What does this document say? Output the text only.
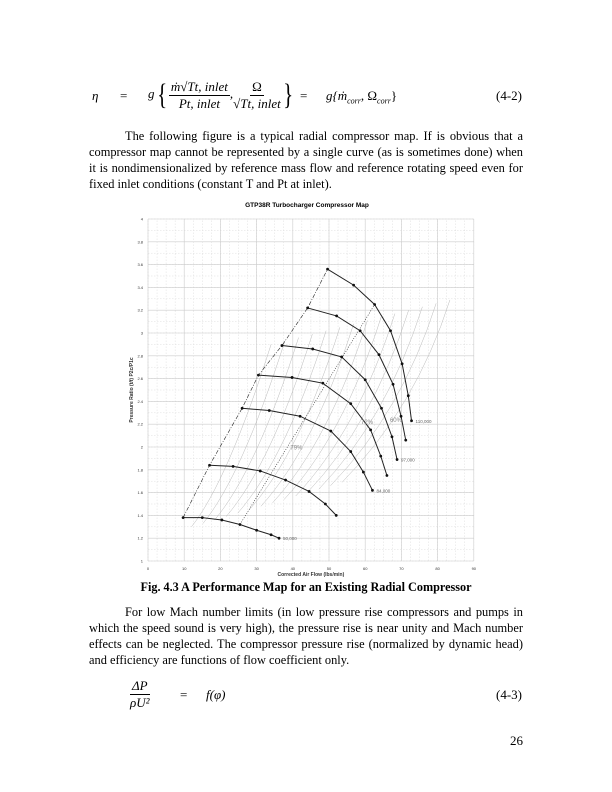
$\eta = g\{ \frac{\text{ṁ√Tt, inlet}}{\text{Pt, inlet}}$ , $\frac{\Omega}{\text{√Tt, inlet}}$ } = g{ṁ$_{corr}$, $\Omega_{corr}$}	(4-2)

The following figure is a typical radial compressor map. If is obvious that a compressor map cannot be represented by a single curve (as is sometimes done) when it is nondimensionalized by reference mass flow and reference rotating speed even for fixed inlet conditions (constant T and Pt at inlet).

0	10	20	30	40	50	60	70	80	90
1
1.2
1.4
1.6
1.8
2
2.2
2.4
2.6
2.8
3
3.2
3.4
3.6
3.8
4
GTP38R Turbocharger Compressor Map
Corrected Air Flow (lbs/min)
Pressure Ratio (t/t) P2c/P1c
50,000
84,000
97,000
110,000
79%
72%	60%
Fig. 4.3 A Performance Map for an Existing Radial Compressor

For low Mach number limits (in low pressure rise compressors and pumps in which the speed sound is very high), the pressure rise is near unity and Mach number effects can be neglected. The compressor pressure rise (normalized by dynamic head) and efficiency are functions of flow coefficient only.

$\frac{\Delta P}{\text{ρU²}} = f(\varphi)$	(4-3)
26
